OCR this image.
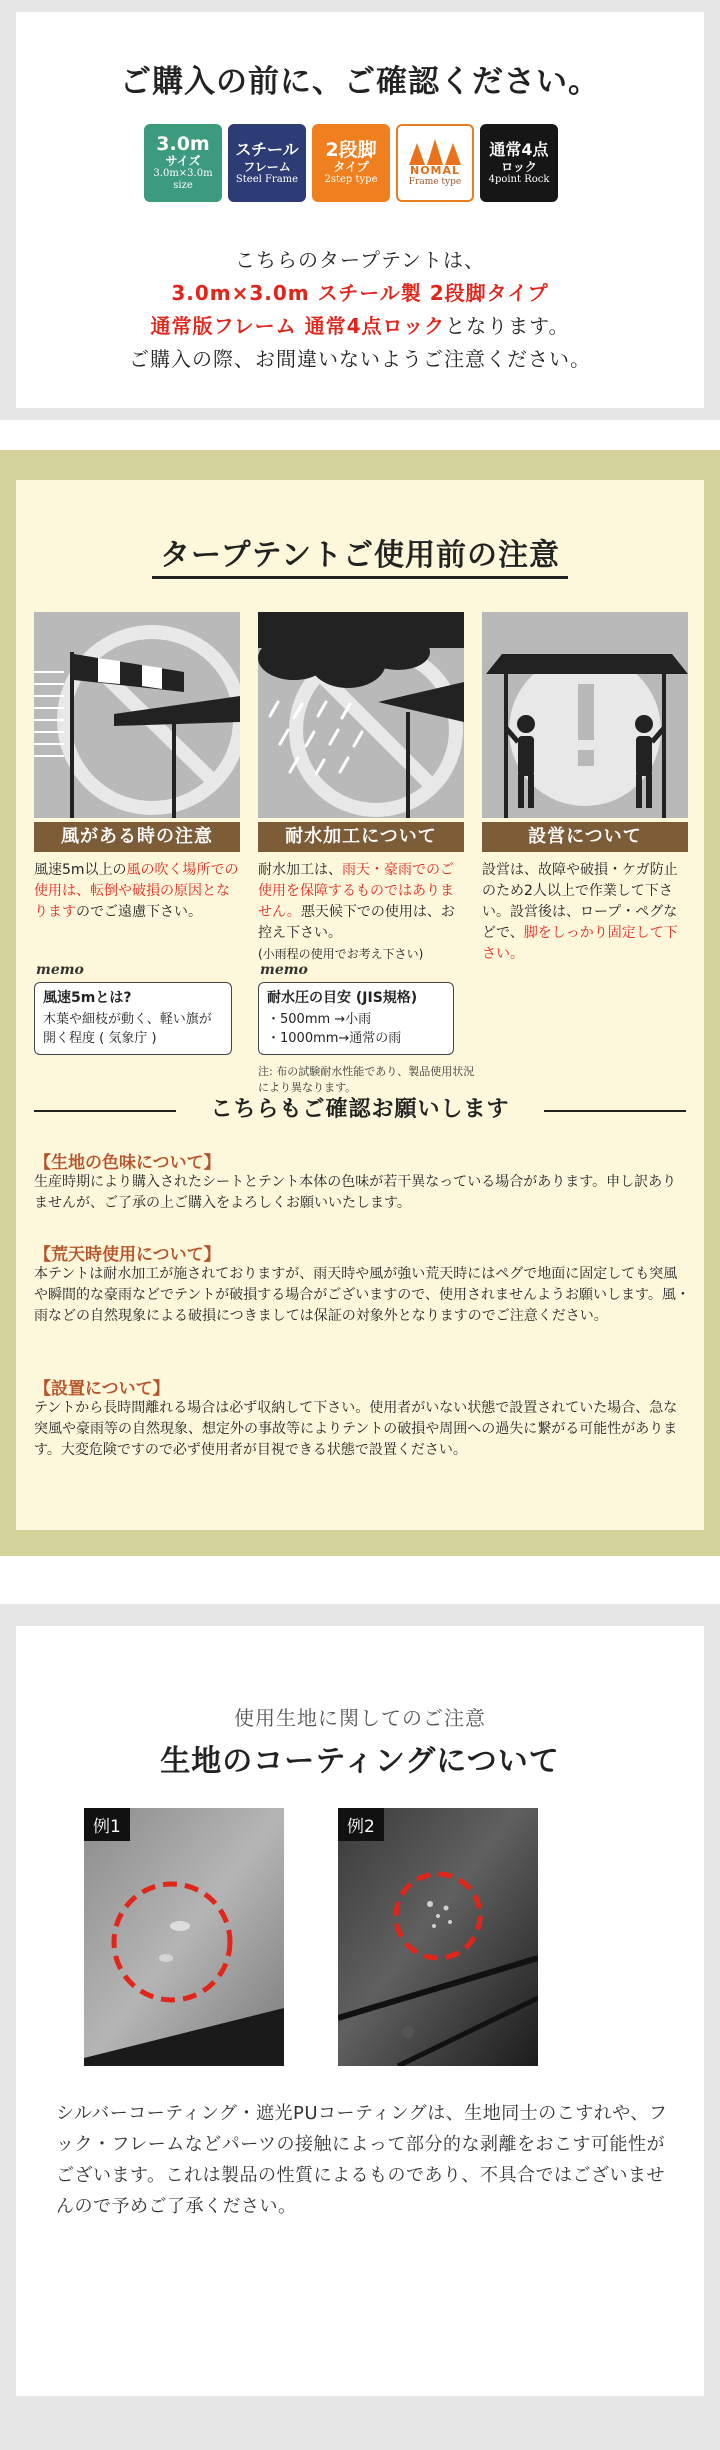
ご購入の前に、ご確認ください。
3.0m
サイズ
3.0m×3.0m size
スチール
フレーム
Steel Frame
2段脚
タイプ
2step type
NOMAL
Frame type
通常4点
ロック
4point Rock
こちらのタープテントは、
3.0m×3.0m スチール製 2段脚タイプ
通常版フレーム 通常4点ロックとなります。
ご購入の際、お間違いないようご注意ください。
タープテントご使用前の注意
風がある時の注意	耐水加工について	設営について
風速5m以上の風の吹く場所での使用は、転倒や破損の原因となりますのでご遠慮下さい。
耐水加工は、雨天・豪雨でのご使用を保障するものではありません。悪天候下での使用は、お控え下さい。
(小雨程の使用でお考え下さい)
設営は、故障や破損・ケガ防止のため2人以上で作業して下さい。設営後は、ロープ・ペグなどで、脚をしっかり固定して下さい。
memo
風速5mとは?
木葉や細枝が動く、軽い旗が開く程度 ( 気象庁 )
memo
耐水圧の目安 (JIS規格)
・500mm →小雨
・1000mm→通常の雨
注: 布の試験耐水性能であり、製品使用状況により異なります。
こちらもご確認お願いします
【生地の色味について】
生産時期により購入されたシートとテント本体の色味が若干異なっている場合があります。申し訳ありませんが、ご了承の上ご購入をよろしくお願いいたします。
【荒天時使用について】
本テントは耐水加工が施されておりますが、雨天時や風が強い荒天時にはペグで地面に固定しても突風や瞬間的な豪雨などでテントが破損する場合がございますので、使用されませんようお願いします。風・雨などの自然現象による破損につきましては保証の対象外となりますのでご注意ください。
【設置について】
テントから長時間離れる場合は必ず収納して下さい。使用者がいない状態で設置されていた場合、急な突風や豪雨等の自然現象、想定外の事故等によりテントの破損や周囲への過失に繋がる可能性があります。大変危険ですので必ず使用者が目視できる状態で設置ください。
使用生地に関してのご注意
生地のコーティングについて
例1	例2
シルバーコーティング・遮光PUコーティングは、生地同士のこすれや、フック・フレームなどパーツの接触によって部分的な剥離をおこす可能性がございます。これは製品の性質によるものであり、不具合ではございませんので予めご了承ください。
